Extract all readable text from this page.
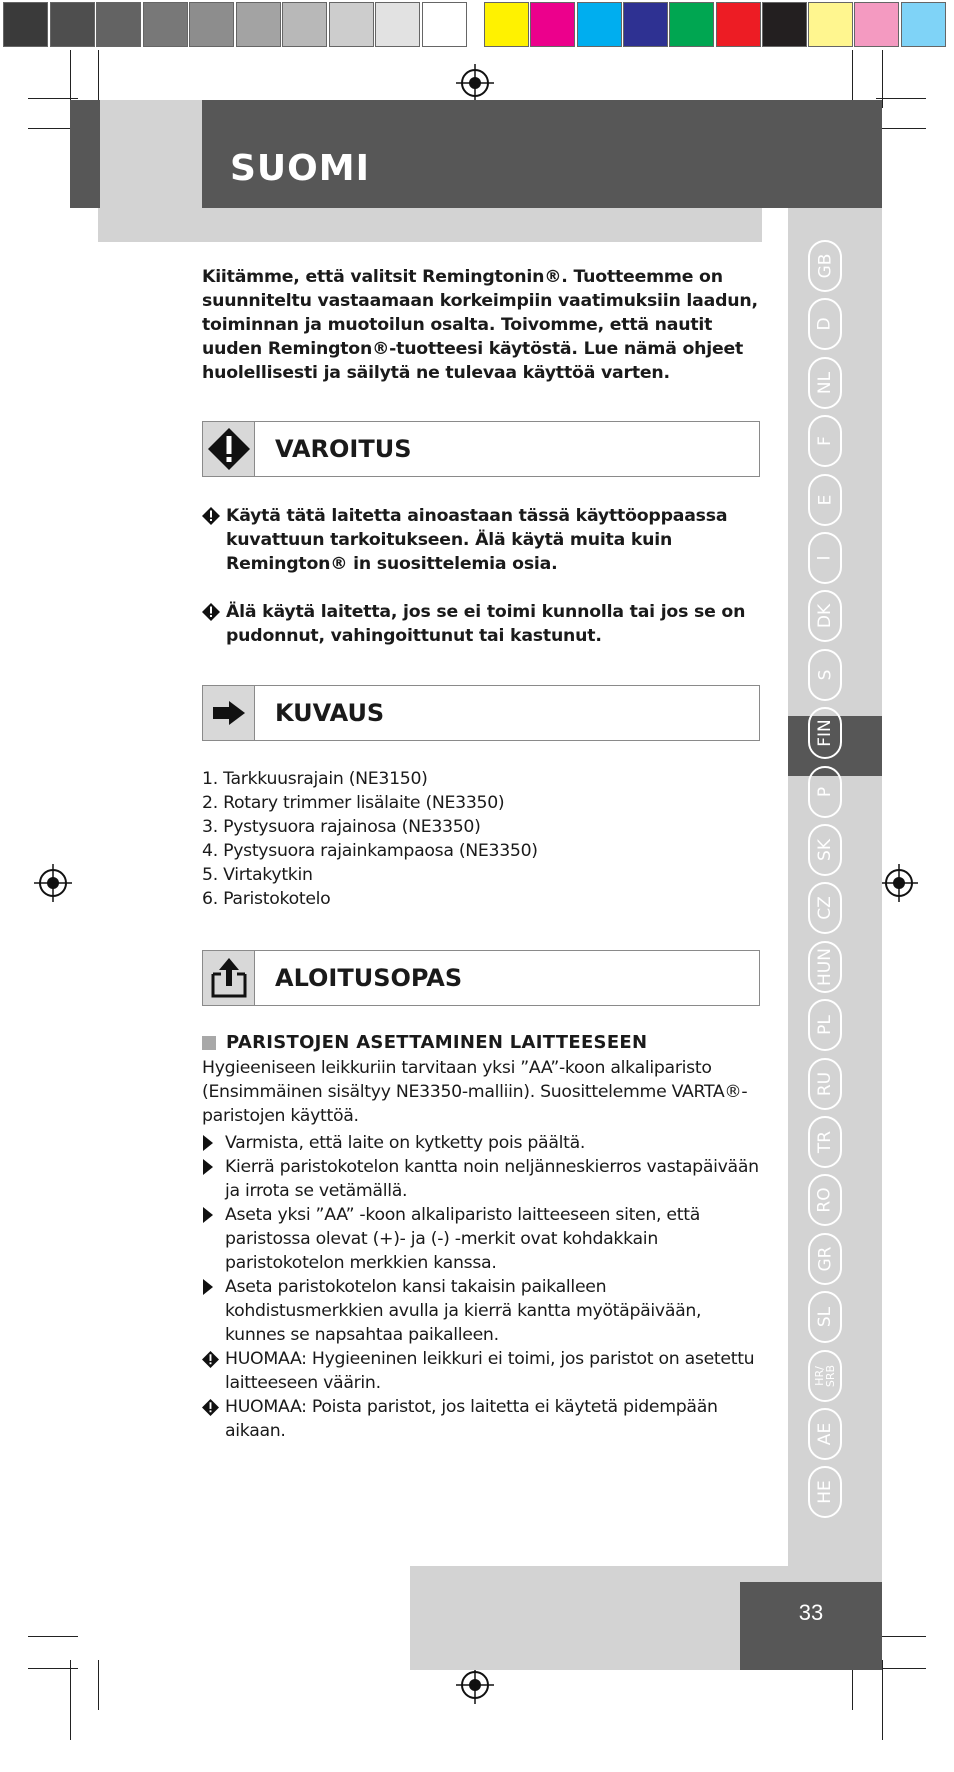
SUOMI
GB
D
NL
F
E
I
DK
S
FIN
P
SK
CZ
HUN
PL
RU
TR
RO
GR
SL
HR/
SRB
AE
HE

Kiitämme, että valitsit Remingtonin®. Tuotteemme on suunniteltu vastaamaan korkeimpiin vaatimuksiin laadun, toiminnan ja muotoilun osalta. Toivomme, että nautit uuden Remington®-tuotteesi käytöstä. Lue nämä ohjeet huolellisesti ja säilytä ne tulevaa käyttöä varten.

VAROITUS
Käytä tätä laitetta ainoastaan tässä käyttöoppaassa kuvattuun tarkoitukseen. Älä käytä muita kuin Remington® in suosittelemia osia.
Älä käytä laitetta, jos se ei toimi kunnolla tai jos se on pudonnut, vahingoittunut tai kastunut.
KUVAUS
1. Tarkkuusrajain (NE3150)
2. Rotary trimmer lisälaite (NE3350)
3. Pystysuora rajainosa (NE3350)
4. Pystysuora rajainkampaosa (NE3350)
5. Virtakytkin
6. Paristokotelo
ALOITUSOPAS
PARISTOJEN ASETTAMINEN LAITTEESEEN

Hygieeniseen leikkuriin tarvitaan yksi ”AA”-koon alkaliparisto (Ensimmäinen sisältyy NE3350-malliin). Suosittelemme VARTA®-paristojen käyttöä.

Varmista, että laite on kytketty pois päältä.
Kierrä paristokotelon kantta noin neljänneskierros vastapäivään ja irrota se vetämällä.
Aseta yksi ”AA” -koon alkaliparisto laitteeseen siten, että paristossa olevat (+)- ja (-) -merkit ovat kohdakkain paristokotelon merkkien kanssa.
Aseta paristokotelon kansi takaisin paikalleen kohdistusmerkkien avulla ja kierrä kantta myötäpäivään, kunnes se napsahtaa paikalleen.
HUOMAA: Hygieeninen leikkuri ei toimi, jos paristot on asetettu laitteeseen väärin.
HUOMAA: Poista paristot, jos laitetta ei käytetä pidempään aikaan.
33
